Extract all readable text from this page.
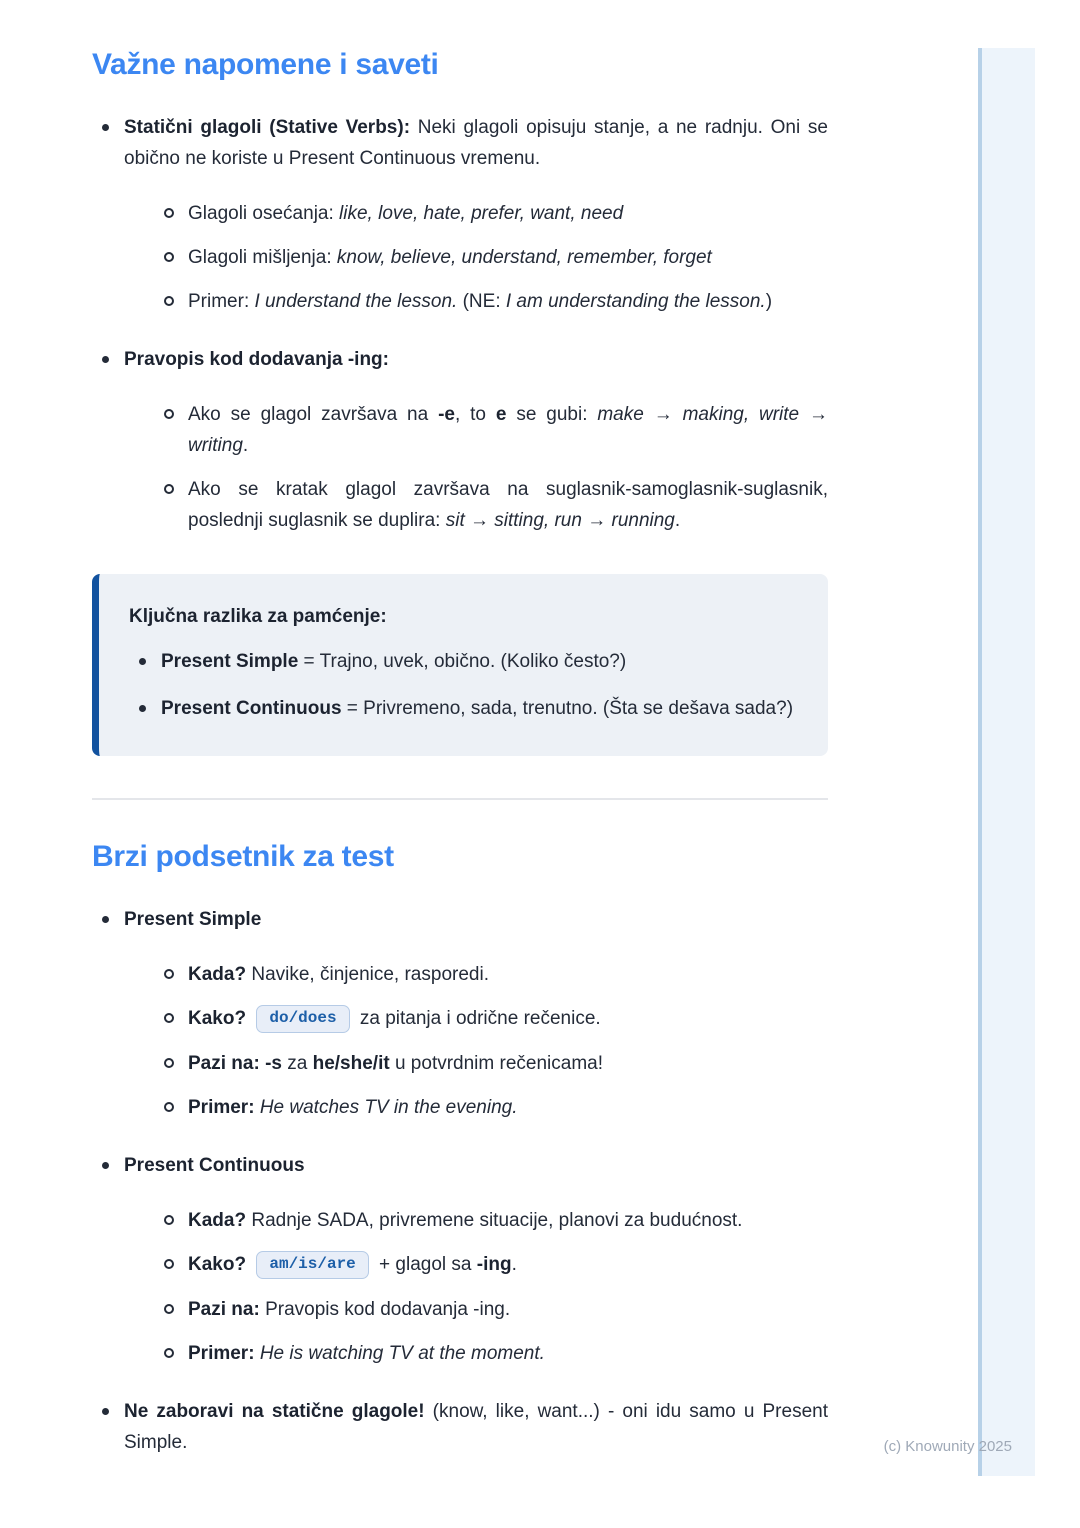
(c) Knowunity 2025
Važne napomene i saveti

Statični glagoli (Stative Verbs): Neki glagoli opisuju stanje, a ne radnju. Oni se obično ne koriste u Present Continuous vremenu.

Glagoli osećanja: like, love, hate, prefer, want, need

Glagoli mišljenja: know, believe, understand, remember, forget

Primer: I understand the lesson. (NE: I am understanding the lesson.)

Pravopis kod dodavanja -ing:

Ako se glagol završava na -e, to e se gubi: make → making, write → writing.

Ako se kratak glagol završava na suglasnik-samoglasnik-suglasnik, poslednji suglasnik se duplira: sit → sitting, run → running.

Ključna razlika za pamćenje:

Present Simple = Trajno, uvek, obično. (Koliko često?)

Present Continuous = Privremeno, sada, trenutno. (Šta se dešava sada?)

Brzi podsetnik za test

Present Simple

Kada? Navike, činjenice, rasporedi.

Kako? do/does za pitanja i odrične rečenice.

Pazi na: -s za he/she/it u potvrdnim rečenicama!

Primer: He watches TV in the evening.

Present Continuous

Kada? Radnje SADA, privremene situacije, planovi za budućnost.

Kako? am/is/are + glagol sa -ing.

Pazi na: Pravopis kod dodavanja -ing.

Primer: He is watching TV at the moment.

Ne zaboravi na statične glagole! (know, like, want...) - oni idu samo u Present Simple.
